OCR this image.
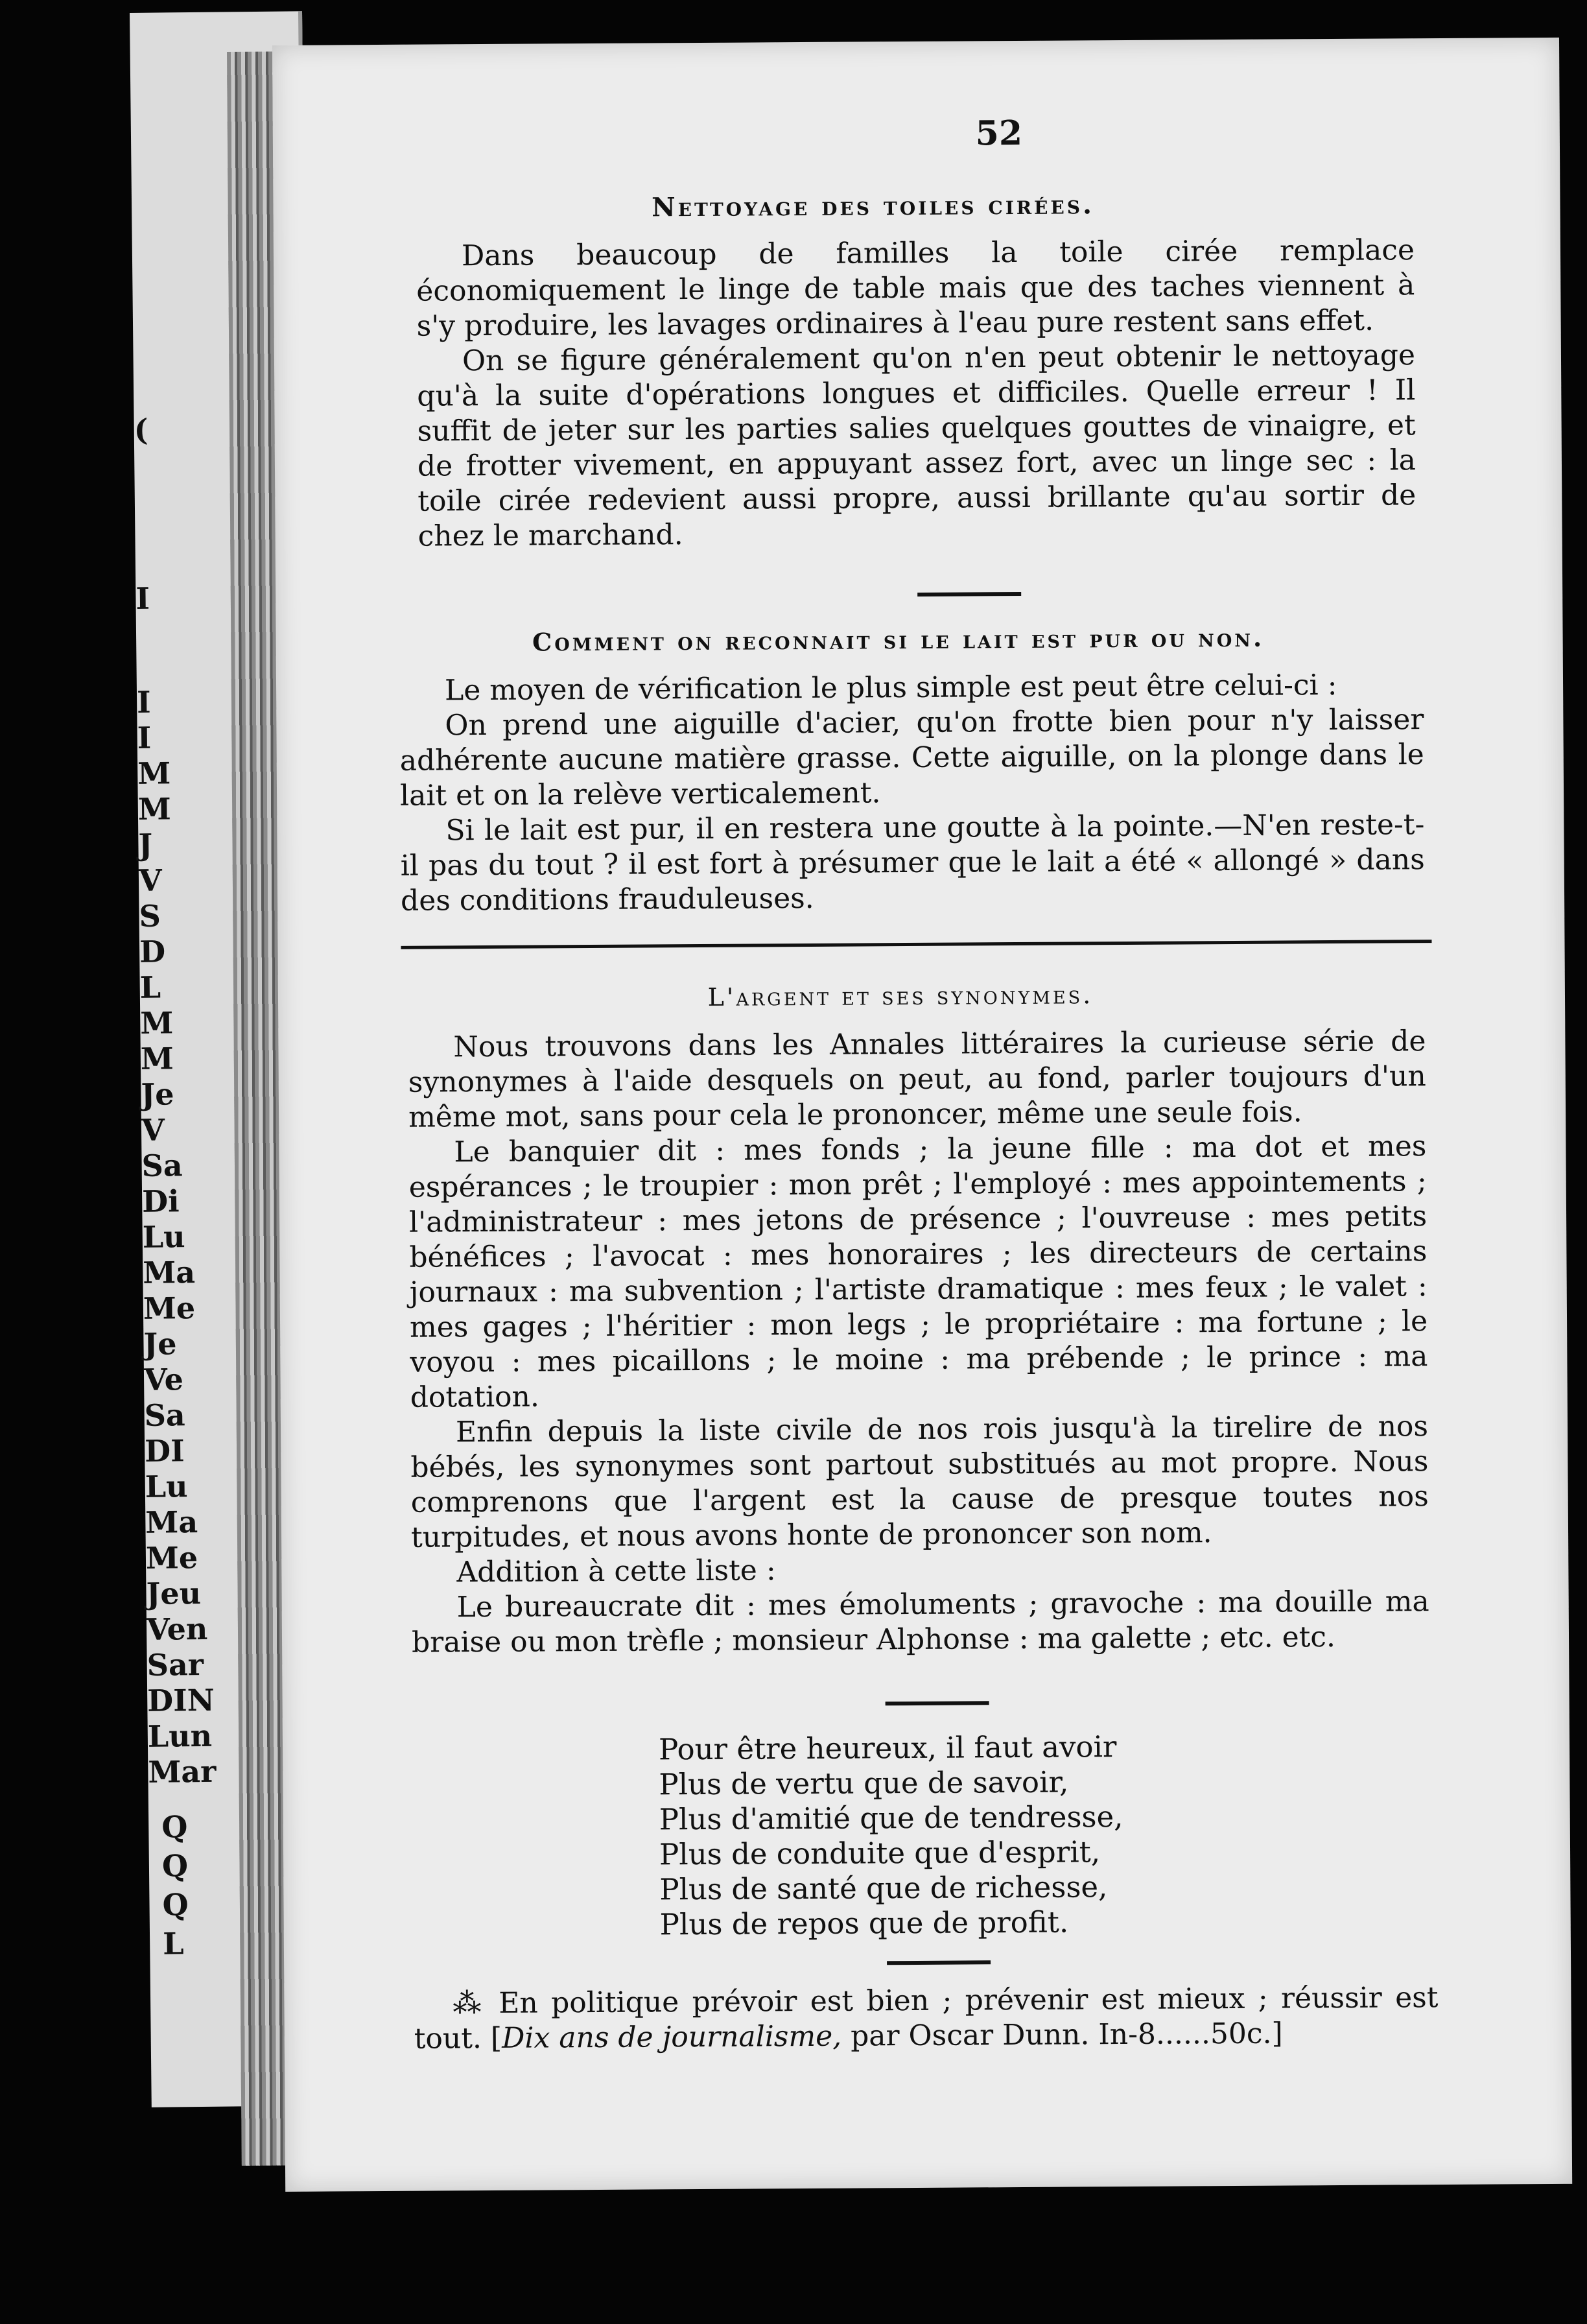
(
I
I
I
M
M
J
V
S
D
L
M
M
Je
V
Sa
Di
Lu
Ma
Me
Je
Ve
Sa
DI
Lu
Ma
Me
Jeu
Ven
Sar
DIN
Lun
Mar
Q
Q
Q
L
52
Nettoyage des toiles cirées.

Dans beaucoup de familles la toile cirée remplace économiquement le linge de table mais que des taches viennent à s'y produire, les lavages ordinaires à l'eau pure restent sans effet.

On se figure généralement qu'on n'en peut obtenir le nettoyage qu'à la suite d'opérations longues et difficiles. Quelle erreur ! Il suffit de jeter sur les parties salies quelques gouttes de vinaigre, et de frotter vivement, en appuyant assez fort, avec un linge sec : la toile cirée redevient aussi propre, aussi brillante qu'au sortir de chez le marchand.

Comment on reconnait si le lait est pur ou non.

Le moyen de vérification le plus simple est peut être celui-ci :

On prend une aiguille d'acier, qu'on frotte bien pour n'y laisser adhérente aucune matière grasse. Cette aiguille, on la plonge dans le lait et on la relève verticalement.

Si le lait est pur, il en restera une goutte à la pointe.—N'en reste-t-il pas du tout ? il est fort à présumer que le lait a été « allongé » dans des conditions frauduleuses.

L'argent et ses synonymes.

Nous trouvons dans les Annales littéraires la curieuse série de synonymes à l'aide desquels on peut, au fond, parler toujours d'un même mot, sans pour cela le prononcer, même une seule fois.

Le banquier dit : mes fonds ; la jeune fille : ma dot et mes espérances ; le troupier : mon prêt ; l'employé : mes appointements ; l'administrateur : mes jetons de présence ; l'ouvreuse : mes petits bénéfices ; l'avocat : mes honoraires ; les directeurs de certains journaux : ma subvention ; l'artiste dramatique : mes feux ; le valet : mes gages ; l'héritier : mon legs ; le propriétaire : ma fortune ; le voyou : mes picaillons ; le moine : ma prébende ; le prince : ma dotation.

Enfin depuis la liste civile de nos rois jusqu'à la tirelire de nos bébés, les synonymes sont partout substitués au mot propre. Nous comprenons que l'argent est la cause de presque toutes nos turpitudes, et nous avons honte de prononcer son nom.

Addition à cette liste :

Le bureaucrate dit : mes émoluments ; gravoche : ma douille ma braise ou mon trèfle ; monsieur Alphonse : ma galette ; etc. etc.

Pour être heureux, il faut avoir
Plus de vertu que de savoir,
Plus d'amitié que de tendresse,
Plus de conduite que d'esprit,
Plus de santé que de richesse,
Plus de repos que de profit.

⁂ En politique prévoir est bien ; prévenir est mieux ; réussir est tout. [Dix ans de journalisme, par Oscar Dunn. In-8......50c.]
